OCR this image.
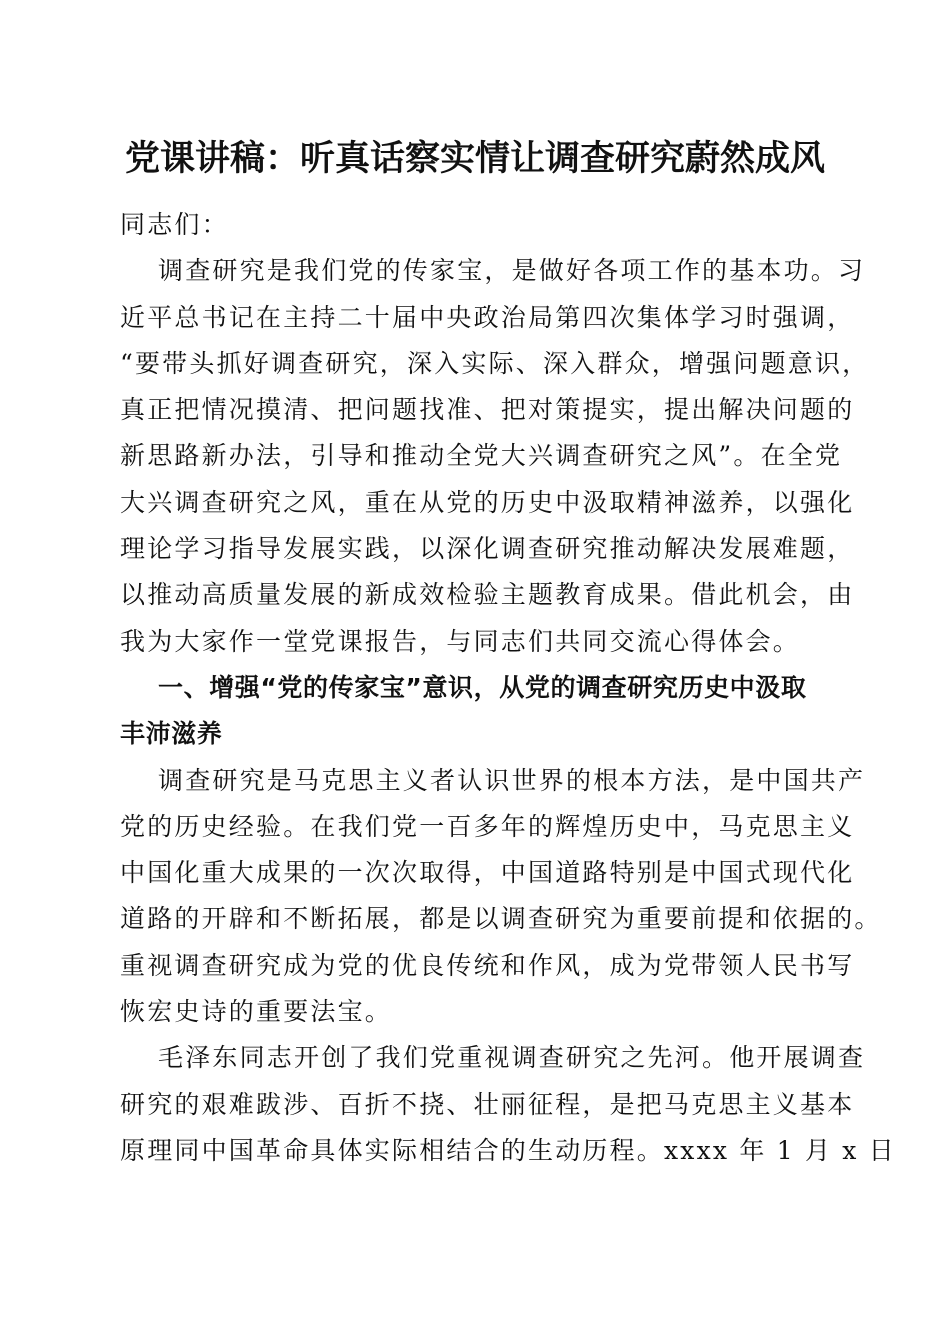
党课讲稿：听真话察实情让调查研究蔚然成风
同志们：
调查研究是我们党的传家宝，是做好各项工作的基本功。习
近平总书记在主持二十届中央政治局第四次集体学习时强调，
“要带头抓好调查研究，深入实际、深入群众，增强问题意识，
真正把情况摸清、把问题找准、把对策提实，提出解决问题的
新思路新办法，引导和推动全党大兴调查研究之风”。在全党
大兴调查研究之风，重在从党的历史中汲取精神滋养，以强化
理论学习指导发展实践，以深化调查研究推动解决发展难题，
以推动高质量发展的新成效检验主题教育成果。借此机会，由
我为大家作一堂党课报告，与同志们共同交流心得体会。
一、增强“党的传家宝”意识，从党的调查研究历史中汲取
丰沛滋养
调查研究是马克思主义者认识世界的根本方法，是中国共产
党的历史经验。在我们党一百多年的辉煌历史中，马克思主义
中国化重大成果的一次次取得，中国道路特别是中国式现代化
道路的开辟和不断拓展，都是以调查研究为重要前提和依据的。
重视调查研究成为党的优良传统和作风，成为党带领人民书写
恢宏史诗的重要法宝。
毛泽东同志开创了我们党重视调查研究之先河。他开展调查
研究的艰难跋涉、百折不挠、壮丽征程，是把马克思主义基本
原理同中国革命具体实际相结合的生动历程。xxxx 年 1 月 x 日
